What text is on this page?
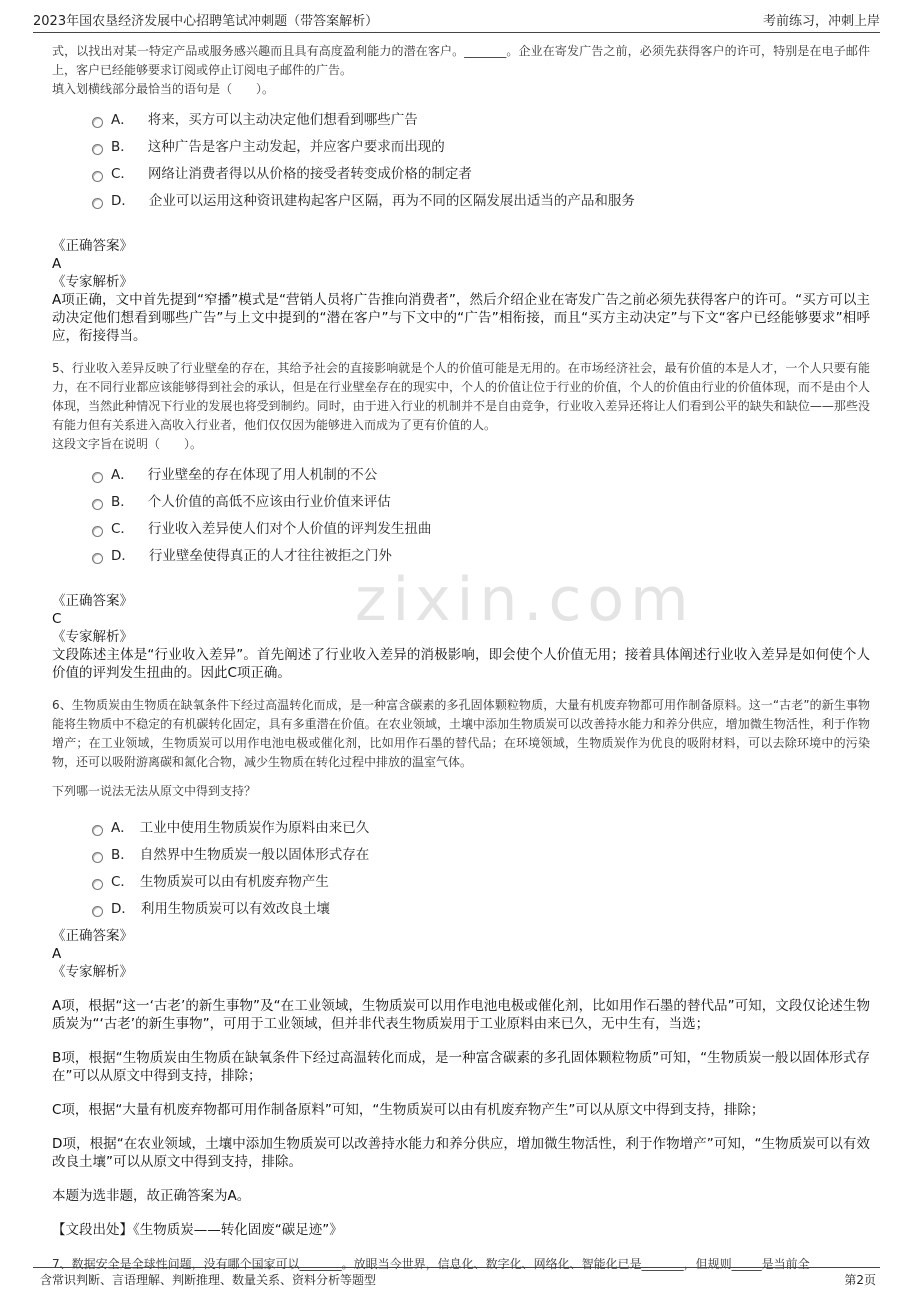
2023年国农垦经济发展中心招聘笔试冲刺题（带答案解析）	考前练习，冲刺上岸
zixin.com
式，以找出对某一特定产品或服务感兴趣而且具有高度盈利能力的潜在客户。_______。企业在寄发广告之前，必须先获得客户的许可，特别是在电子邮件上，客户已经能够要求订阅或停止订阅电子邮件的广告。
填入划横线部分最恰当的语句是（　　）。
A． 将来，买方可以主动决定他们想看到哪些广告
B． 这种广告是客户主动发起，并应客户要求而出现的
C． 网络让消费者得以从价格的接受者转变成价格的制定者
D． 企业可以运用这种资讯建构起客户区隔，再为不同的区隔发展出适当的产品和服务
《正确答案》
A
《专家解析》
A项正确，文中首先提到“窄播”模式是“营销人员将广告推向消费者”，然后介绍企业在寄发广告之前必须先获得客户的许可。“买方可以主动决定他们想看到哪些广告”与上文中提到的“潜在客户”与下文中的“广告”相衔接，而且“买方主动决定”与下文“客户已经能够要求”相呼应，衔接得当。
5、行业收入差异反映了行业壁垒的存在，其给予社会的直接影响就是个人的价值可能是无用的。在市场经济社会，最有价值的本是人才，一个人只要有能力，在不同行业都应该能够得到社会的承认，但是在行业壁垒存在的现实中，个人的价值让位于行业的价值，个人的价值由行业的价值体现，而不是由个人体现，当然此种情况下行业的发展也将受到制约。同时，由于进入行业的机制并不是自由竞争，行业收入差异还将让人们看到公平的缺失和缺位——那些没有能力但有关系进入高收入行业者，他们仅仅因为能够进入而成为了更有价值的人。
这段文字旨在说明（　　）。
A． 行业壁垒的存在体现了用人机制的不公
B． 个人价值的高低不应该由行业价值来评估
C． 行业收入差异使人们对个人价值的评判发生扭曲
D． 行业壁垒使得真正的人才往往被拒之门外
《正确答案》
C
《专家解析》
文段陈述主体是“行业收入差异”。首先阐述了行业收入差异的消极影响，即会使个人价值无用；接着具体阐述行业收入差异是如何使个人价值的评判发生扭曲的。因此C项正确。
6、生物质炭由生物质在缺氧条件下经过高温转化而成，是一种富含碳素的多孔固体颗粒物质，大量有机废弃物都可用作制备原料。这一“古老”的新生事物能将生物质中不稳定的有机碳转化固定，具有多重潜在价值。在农业领域，土壤中添加生物质炭可以改善持水能力和养分供应，增加微生物活性，利于作物增产；在工业领域，生物质炭可以用作电池电极或催化剂，比如用作石墨的替代品；在环境领域，生物质炭作为优良的吸附材料，可以去除环境中的污染物，还可以吸附游离碳和氮化合物，减少生物质在转化过程中排放的温室气体。
下列哪一说法无法从原文中得到支持？
A． 工业中使用生物质炭作为原料由来已久
B． 自然界中生物质炭一般以固体形式存在
C． 生物质炭可以由有机废弃物产生
D． 利用生物质炭可以有效改良土壤
《正确答案》
A
《专家解析》
A项，根据“这一‘古老’的新生事物”及“在工业领域，生物质炭可以用作电池电极或催化剂，比如用作石墨的替代品”可知，文段仅论述生物质炭为“‘古老’的新生事物”，可用于工业领域，但并非代表生物质炭用于工业原料由来已久，无中生有，当选；
B项，根据“生物质炭由生物质在缺氧条件下经过高温转化而成，是一种富含碳素的多孔固体颗粒物质”可知，“生物质炭一般以固体形式存在”可以从原文中得到支持，排除；
C项，根据“大量有机废弃物都可用作制备原料”可知，“生物质炭可以由有机废弃物产生”可以从原文中得到支持，排除；
D项，根据“在农业领域，土壤中添加生物质炭可以改善持水能力和养分供应，增加微生物活性，利于作物增产”可知，“生物质炭可以有效改良土壤”可以从原文中得到支持，排除。
本题为选非题，故正确答案为A。
【文段出处】《生物质炭——转化固废“碳足迹”》
7、数据安全是全球性问题，没有哪个国家可以_______。放眼当今世界，信息化、数字化、网络化、智能化已是_______，但规则_____是当前全
含常识判断、言语理解、判断推理、数量关系、资料分析等题型	第2页
